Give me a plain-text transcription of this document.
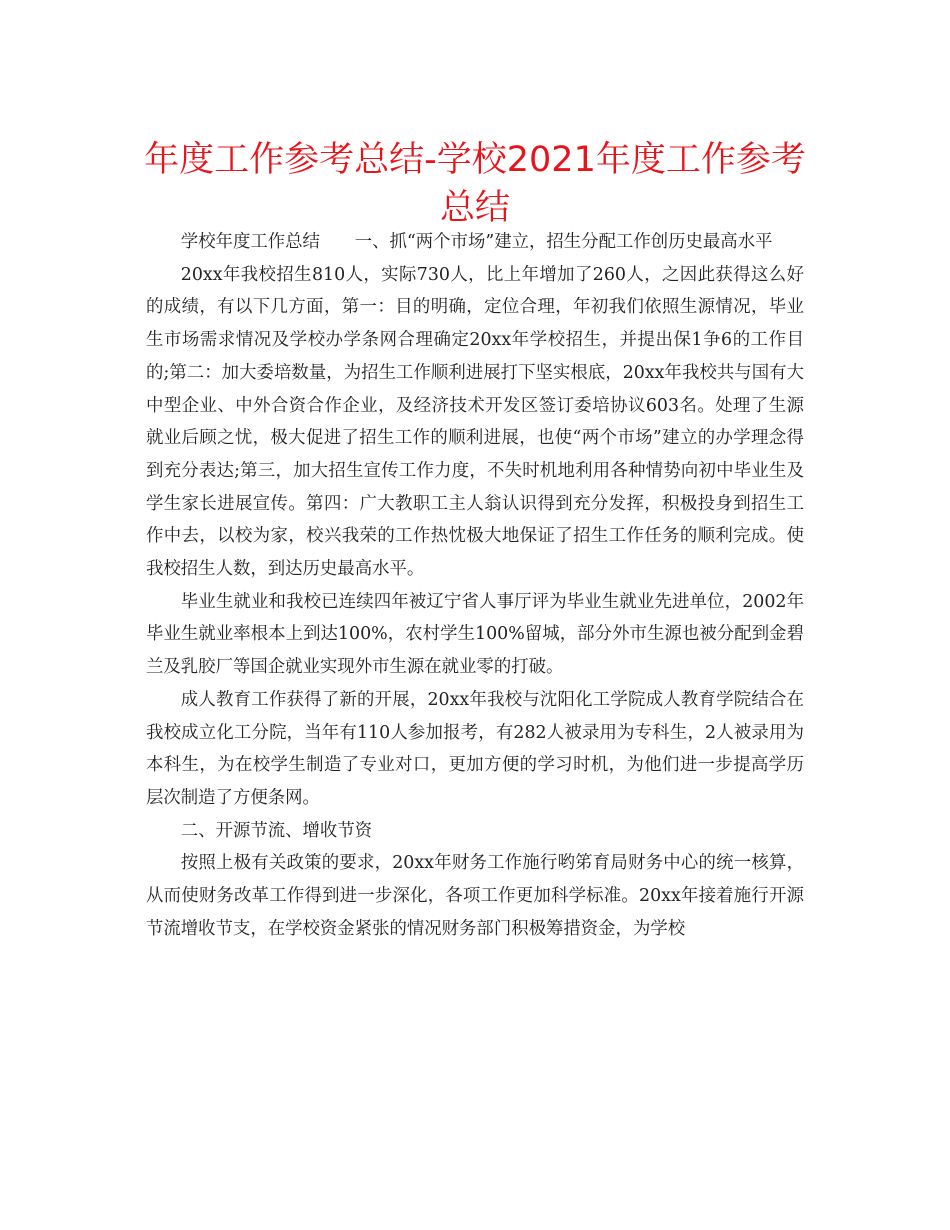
年度工作参考总结-学校2021年度工作参考总结

学校年度工作总结　　一、抓“两个市场”建立，招生分配工作创历史最高水平

20xx年我校招生810人，实际730人，比上年增加了260人，之因此获得这么好的成绩，有以下几方面，第一：目的明确，定位合理，年初我们依照生源情况，毕业生市场需求情况及学校办学条网合理确定20xx年学校招生，并提出保1争6的工作目的;第二：加大委培数量，为招生工作顺利进展打下坚实根底，20xx年我校共与国有大中型企业、中外合资合作企业，及经济技术开发区签订委培协议603名。处理了生源就业后顾之忧，极大促进了招生工作的顺利进展，也使“两个市场”建立的办学理念得到充分表达;第三，加大招生宣传工作力度，不失时机地利用各种情势向初中毕业生及学生家长进展宣传。第四：广大教职工主人翁认识得到充分发挥，积极投身到招生工作中去，以校为家，校兴我荣的工作热忱极大地保证了招生工作任务的顺利完成。使我校招生人数，到达历史最高水平。

毕业生就业和我校已连续四年被辽宁省人事厅评为毕业生就业先进单位，2002年毕业生就业率根本上到达100%，农村学生100%留城，部分外市生源也被分配到金碧兰及乳胶厂等国企就业实现外市生源在就业零的打破。

成人教育工作获得了新的开展，20xx年我校与沈阳化工学院成人教育学院结合在我校成立化工分院，当年有110人参加报考，有282人被录用为专科生，2人被录用为本科生，为在校学生制造了专业对口，更加方便的学习时机，为他们进一步提高学历层次制造了方便条网。

二、开源节流、增收节资

按照上极有关政策的要求，20xx年财务工作施行哟笫育局财务中心的统一核算，从而使财务改革工作得到进一步深化，各项工作更加科学标准。20xx年接着施行开源节流增收节支，在学校资金紧张的情况财务部门积极筹措资金，为学校
